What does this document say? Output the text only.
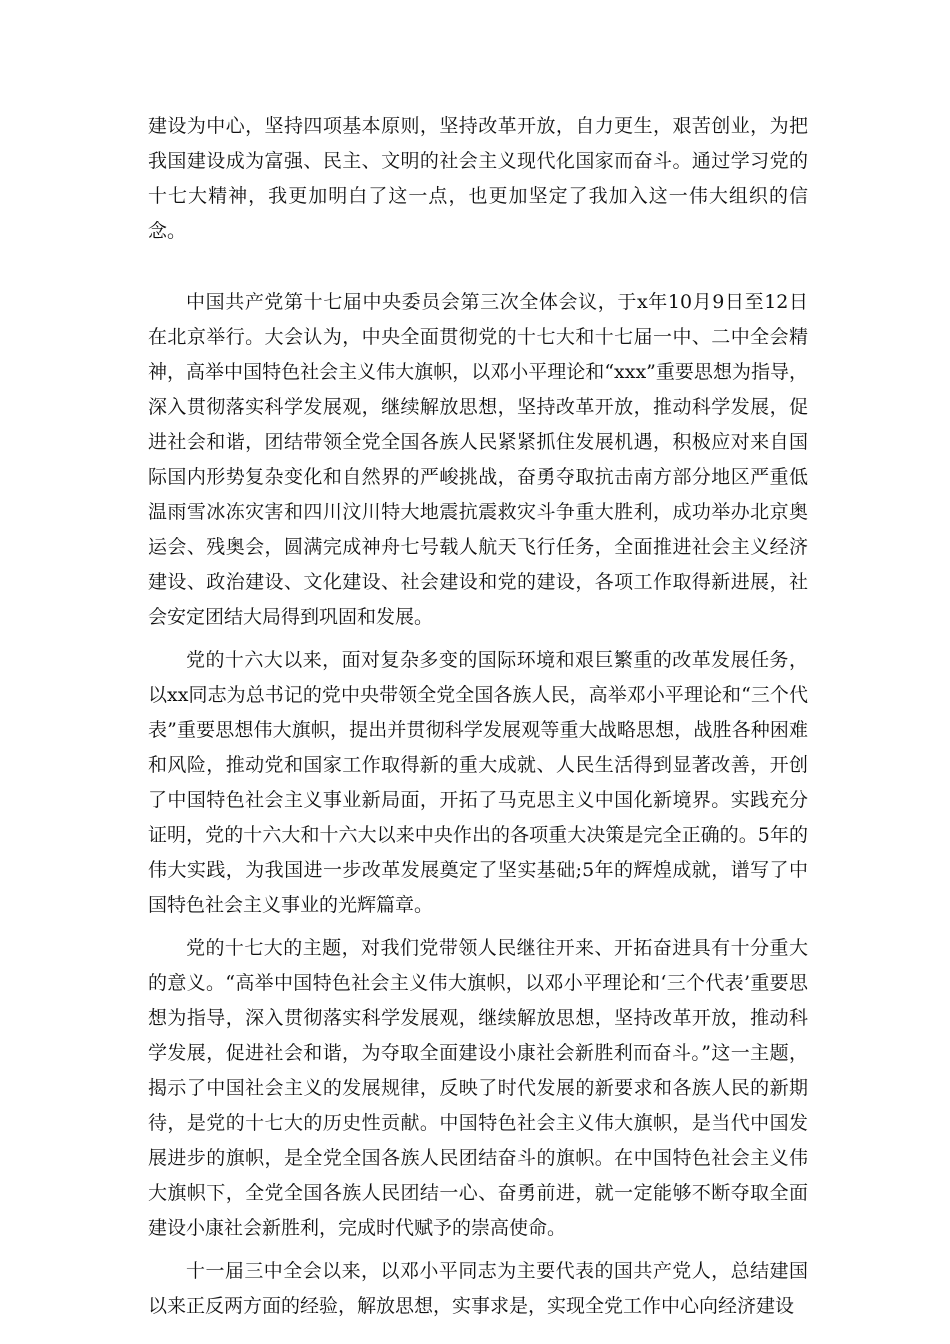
建设为中心，坚持四项基本原则，坚持改革开放，自力更生，艰苦创业，为把我国建设成为富强、民主、文明的社会主义现代化国家而奋斗。通过学习党的十七大精神，我更加明白了这一点，也更加坚定了我加入这一伟大组织的信念。

中国共产党第十七届中央委员会第三次全体会议，于x年10月9日至12日在北京举行。大会认为，中央全面贯彻党的十七大和十七届一中、二中全会精神，高举中国特色社会主义伟大旗帜，以邓小平理论和“xxx”重要思想为指导，深入贯彻落实科学发展观，继续解放思想，坚持改革开放，推动科学发展，促进社会和谐，团结带领全党全国各族人民紧紧抓住发展机遇，积极应对来自国际国内形势复杂变化和自然界的严峻挑战，奋勇夺取抗击南方部分地区严重低温雨雪冰冻灾害和四川汶川特大地震抗震救灾斗争重大胜利，成功举办北京奥运会、残奥会，圆满完成神舟七号载人航天飞行任务，全面推进社会主义经济建设、政治建设、文化建设、社会建设和党的建设，各项工作取得新进展，社会安定团结大局得到巩固和发展。

党的十六大以来，面对复杂多变的国际环境和艰巨繁重的改革发展任务，以xx同志为总书记的党中央带领全党全国各族人民，高举邓小平理论和“三个代表”重要思想伟大旗帜，提出并贯彻科学发展观等重大战略思想，战胜各种困难和风险，推动党和国家工作取得新的重大成就、人民生活得到显著改善，开创了中国特色社会主义事业新局面，开拓了马克思主义中国化新境界。实践充分证明，党的十六大和十六大以来中央作出的各项重大决策是完全正确的。5年的伟大实践，为我国进一步改革发展奠定了坚实基础;5年的辉煌成就，谱写了中国特色社会主义事业的光辉篇章。

党的十七大的主题，对我们党带领人民继往开来、开拓奋进具有十分重大的意义。“高举中国特色社会主义伟大旗帜，以邓小平理论和‘三个代表’重要思想为指导，深入贯彻落实科学发展观，继续解放思想，坚持改革开放，推动科学发展，促进社会和谐，为夺取全面建设小康社会新胜利而奋斗。”这一主题，揭示了中国社会主义的发展规律，反映了时代发展的新要求和各族人民的新期待，是党的十七大的历史性贡献。中国特色社会主义伟大旗帜，是当代中国发展进步的旗帜，是全党全国各族人民团结奋斗的旗帜。在中国特色社会主义伟大旗帜下，全党全国各族人民团结一心、奋勇前进，就一定能够不断夺取全面建设小康社会新胜利，完成时代赋予的崇高使命。

十一届三中全会以来，以邓小平同志为主要代表的国共产党人，总结建国以来正反两方面的经验，解放思想，实事求是，实现全党工作中心向经济建设
